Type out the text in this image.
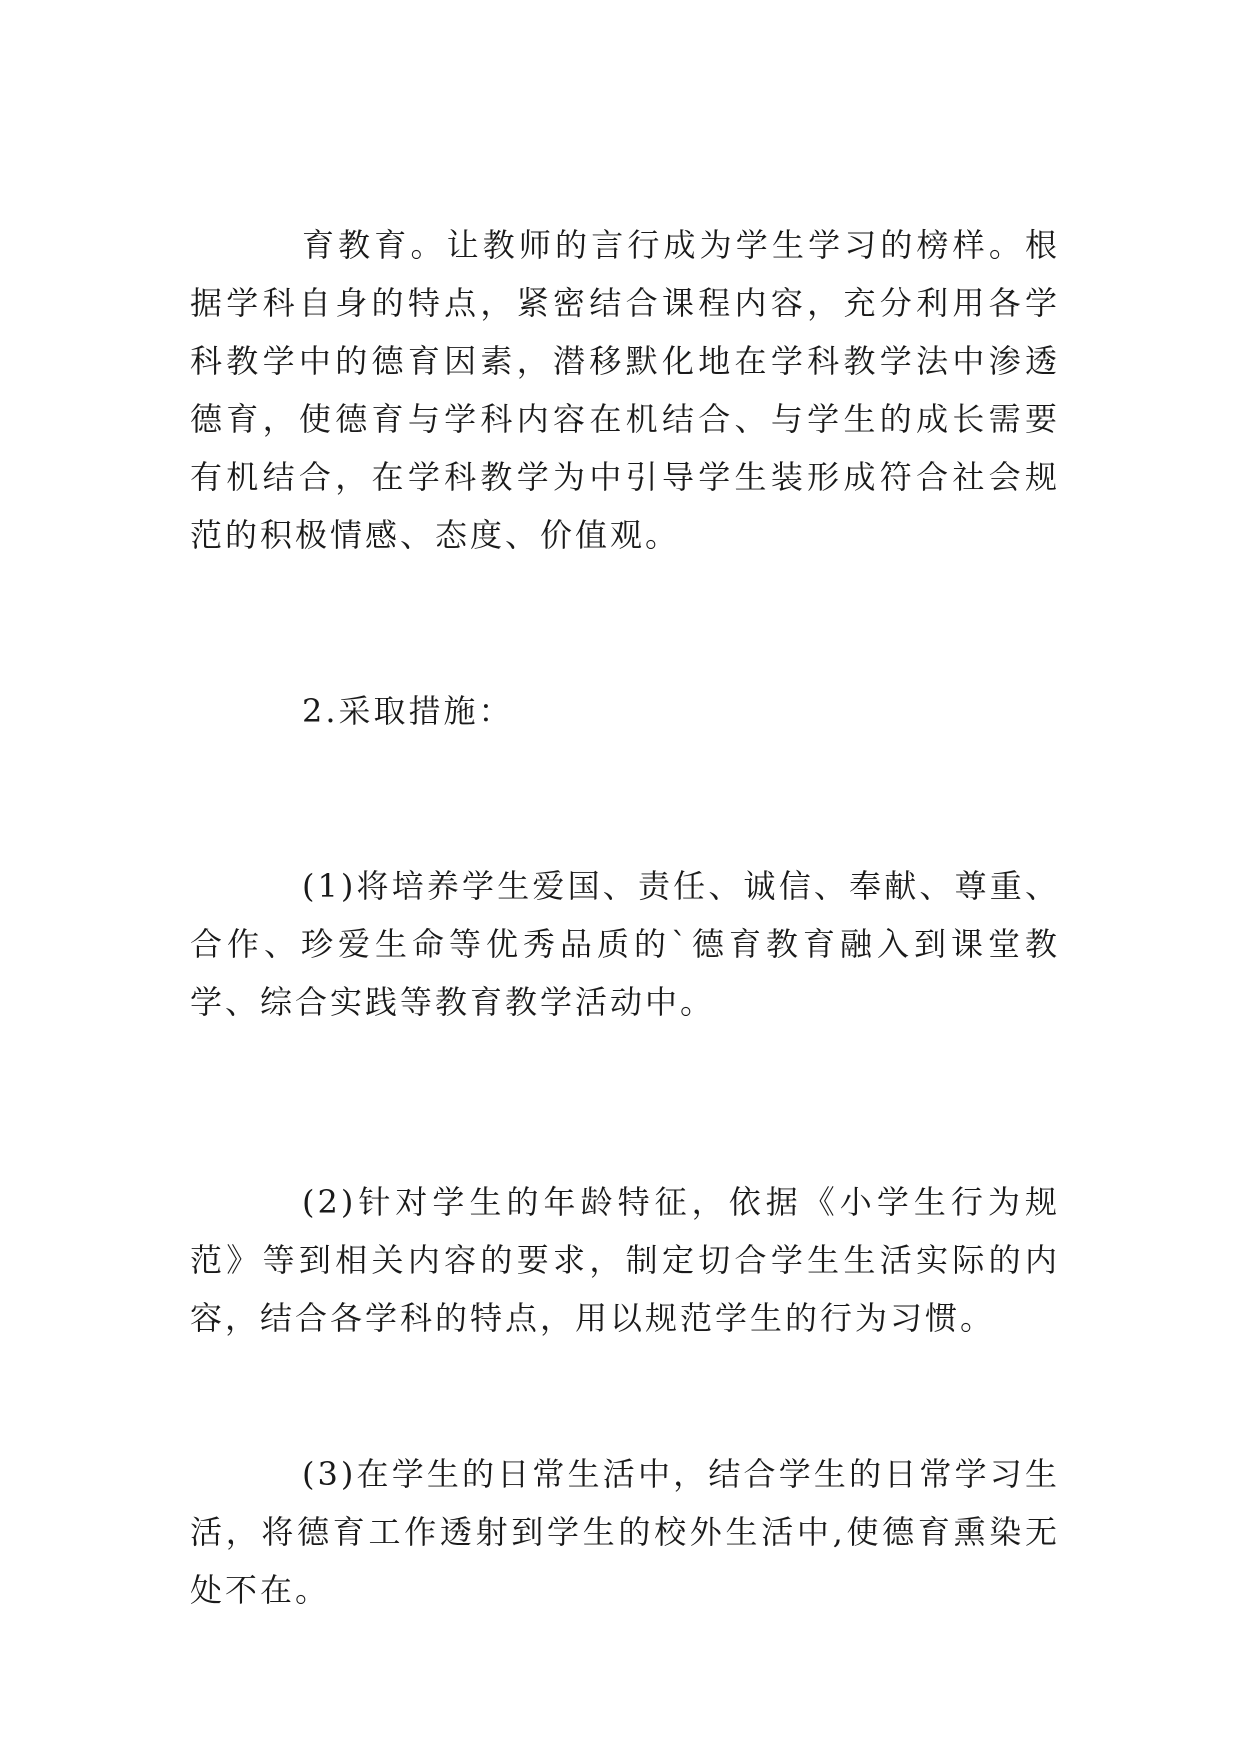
育教育。让教师的言行成为学生学习的榜样。根据学科自身的特点，紧密结合课程内容，充分利用各学科教学中的德育因素，潜移默化地在学科教学法中渗透德育，使德育与学科内容在机结合、与学生的成长需要有机结合，在学科教学为中引导学生装形成符合社会规范的积极情感、态度、价值观。

2.采取措施：

(1)将培养学生爱国、责任、诚信、奉献、尊重、合作、珍爱生命等优秀品质的`德育教育融入到课堂教学、综合实践等教育教学活动中。

(2)针对学生的年龄特征，依据《小学生行为规范》等到相关内容的要求，制定切合学生生活实际的内容，结合各学科的特点，用以规范学生的行为习惯。

(3)在学生的日常生活中，结合学生的日常学习生活，将德育工作透射到学生的校外生活中,使德育熏染无处不在。
